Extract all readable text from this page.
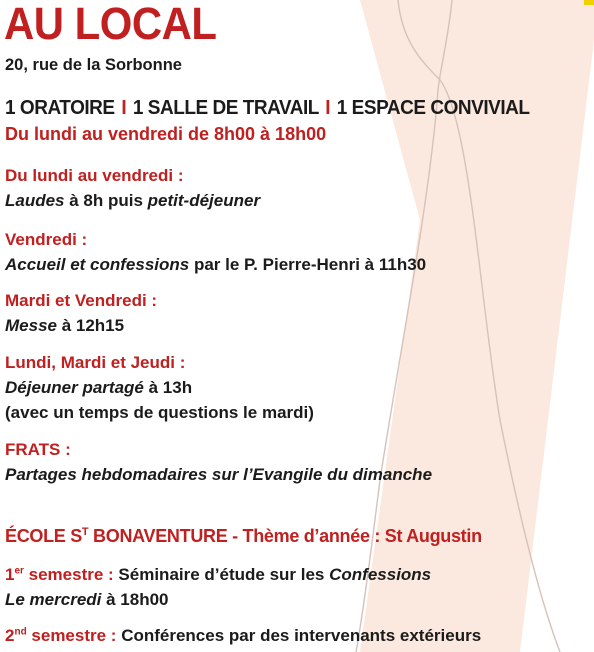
AU LOCAL
20, rue de la Sorbonne
1 ORATOIRE I 1 SALLE DE TRAVAIL I 1 ESPACE CONVIVIAL
Du lundi au vendredi de 8h00 à 18h00
Du lundi au vendredi :
Laudes à 8h puis petit-déjeuner
Vendredi :
Accueil et confessions par le P. Pierre-Henri à 11h30
Mardi et Vendredi :
Messe à 12h15
Lundi, Mardi et Jeudi :
Déjeuner partagé à 13h
(avec un temps de questions le mardi)
FRATS :
Partages hebdomadaires sur l’Evangile du dimanche
ÉCOLE $S^T$ BONAVENTURE - Thème d’année : St Augustin
1er semestre : Séminaire d’étude sur les Confessions
Le mercredi à 18h00
2nd semestre : Conférences par des intervenants extérieurs
